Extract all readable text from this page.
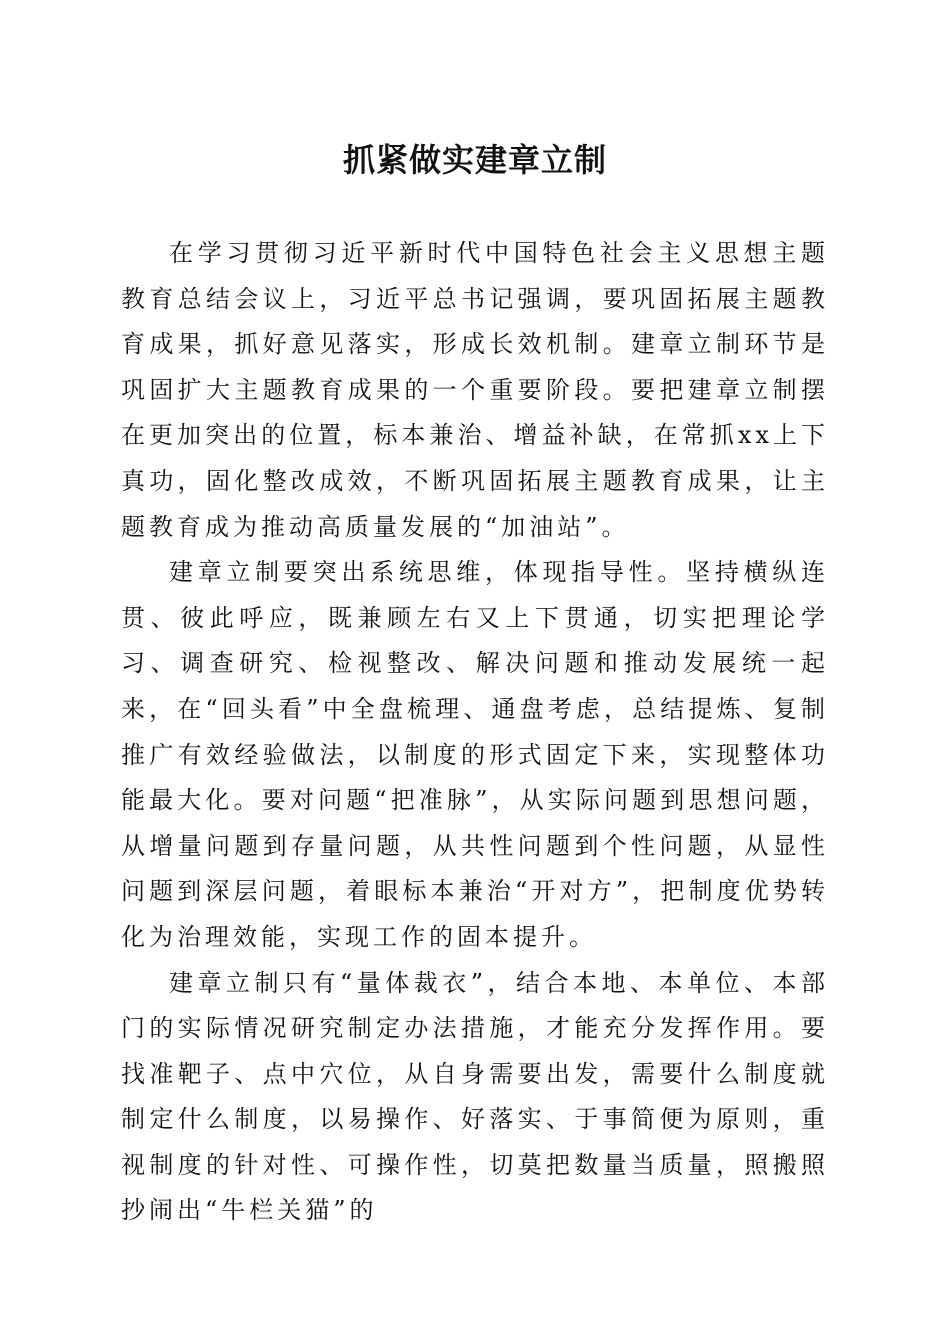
抓紧做实建章立制

在学习贯彻习近平新时代中国特色社会主义思想主题教育总结会议上，习近平总书记强调，要巩固拓展主题教育成果，抓好意见落实，形成长效机制。建章立制环节是巩固扩大主题教育成果的一个重要阶段。要把建章立制摆在更加突出的位置，标本兼治、增益补缺，在常抓xx上下真功，固化整改成效，不断巩固拓展主题教育成果，让主题教育成为推动高质量发展的“加油站”。

建章立制要突出系统思维，体现指导性。坚持横纵连贯、彼此呼应，既兼顾左右又上下贯通，切实把理论学习、调查研究、检视整改、解决问题和推动发展统一起来，在“回头看”中全盘梳理、通盘考虑，总结提炼、复制推广有效经验做法，以制度的形式固定下来，实现整体功能最大化。要对问题“把准脉”，从实际问题到思想问题，从增量问题到存量问题，从共性问题到个性问题，从显性问题到深层问题，着眼标本兼治“开对方”，把制度优势转化为治理效能，实现工作的固本提升。

建章立制只有“量体裁衣”，结合本地、本单位、本部门的实际情况研究制定办法措施，才能充分发挥作用。要找准靶子、点中穴位，从自身需要出发，需要什么制度就制定什么制度，以易操作、好落实、于事简便为原则，重视制度的针对性、可操作性，切莫把数量当质量，照搬照抄闹出“牛栏关猫”的
